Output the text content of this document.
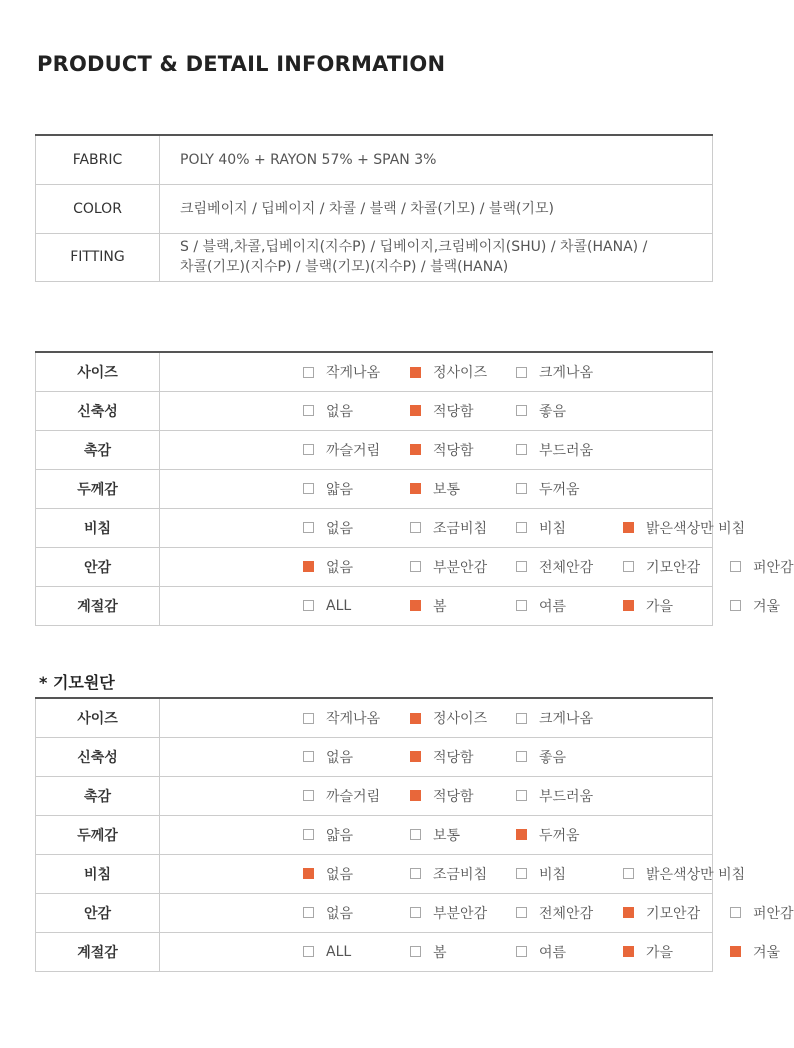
PRODUCT & DETAIL INFORMATION
FABRIC	POLY 40% + RAYON 57% + SPAN 3%
COLOR	크림베이지 / 딥베이지 / 차콜 / 블랙 / 차콜(기모) / 블랙(기모)
FITTING	S / 블랙,차콜,딥베이지(지수P) / 딥베이지,크림베이지(SHU) / 차콜(HANA) /
차콜(기모)(지수P) / 블랙(기모)(지수P) / 블랙(HANA)
사이즈	작게나옴 정사이즈 크게나옴

신축성	없음 적당함 좋음

촉감	까슬거림 적당함 부드러움

두께감	얇음 보통 두꺼움

비침	없음 조금비침 비침 밝은색상만 비침

안감	없음 부분안감 전체안감 기모안감 퍼안감

계절감	ALL 봄 여름 가을 겨울
* 기모원단
사이즈	작게나옴 정사이즈 크게나옴

신축성	없음 적당함 좋음

촉감	까슬거림 적당함 부드러움

두께감	얇음 보통 두꺼움

비침	없음 조금비침 비침 밝은색상만 비침

안감	없음 부분안감 전체안감 기모안감 퍼안감

계절감	ALL 봄 여름 가을 겨울
